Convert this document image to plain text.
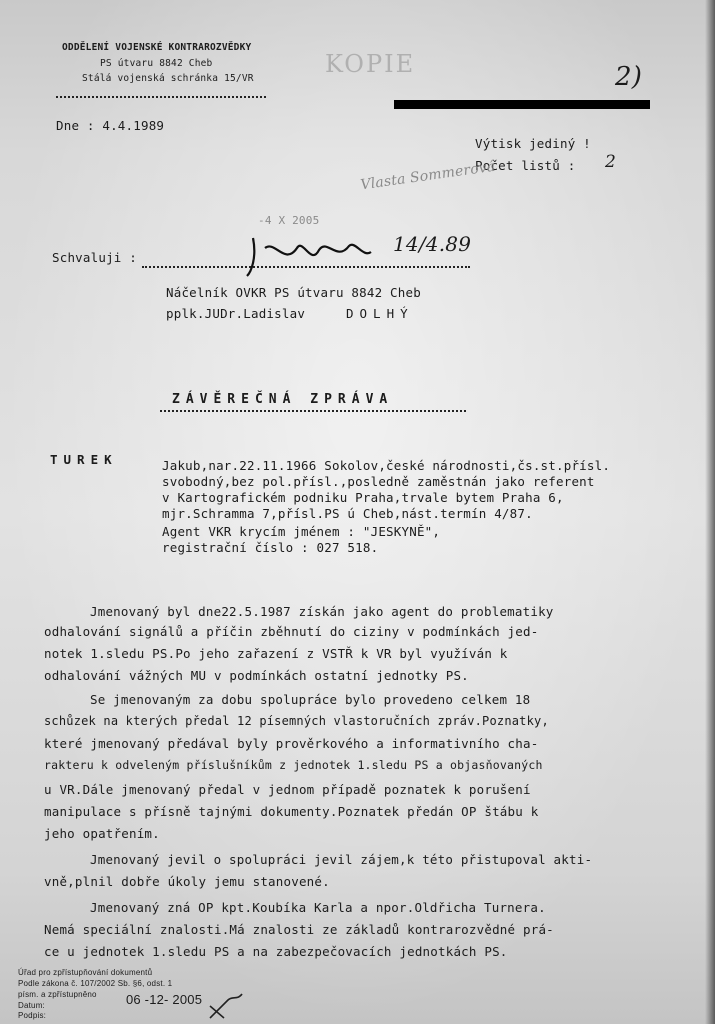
ODDĚLENÍ VOJENSKÉ KONTRAROZVĚDKY
PS útvaru 8842 Cheb
Stálá vojenská schránka 15/VR
Dne : 4.4.1989
KOPIE	2)
Výtisk jediný !
Počet listů : 2
Vlasta Sommerová
-4 X 2005
Schvaluji :
14/4.89
Náčelník OVKR PS útvaru 8842 Cheb
pplk.JUDr.Ladislav	DOLHÝ
ZÁVĚREČNÁ ZPRÁVA
TUREK	Jakub,nar.22.11.1966 Sokolov,české národnosti,čs.st.přísl.
svobodný,bez pol.přísl.,posledně zaměstnán jako referent
v Kartografickém podniku Praha,trvale bytem Praha 6,
mjr.Schramma 7,přísl.PS ú Cheb,nást.termín 4/87.
Agent VKR krycím jménem : "JESKYNĚ",
registrační číslo : 027 518.
Jmenovaný byl dne22.5.1987 získán jako agent do problematiky
odhalování signálů a příčin zběhnutí do ciziny v podmínkách jed-
notek 1.sledu PS.Po jeho zařazení z VSTŘ k VR byl využíván k
odhalování vážných MU v podmínkách ostatní jednotky PS.
Se jmenovaným za dobu spolupráce bylo provedeno celkem 18
schůzek na kterých předal 12 písemných vlastoručních zpráv.Poznatky,
které jmenovaný předával byly prověrkového a informativního cha-
rakteru k odveleným příslušníkům z jednotek 1.sledu PS a objasňovaných
u VR.Dále jmenovaný předal v jednom případě poznatek k porušení
manipulace s přísně tajnými dokumenty.Poznatek předán OP štábu k
jeho opatřením.
Jmenovaný jevil o spolupráci jevil zájem,k této přistupoval akti-
vně,plnil dobře úkoly jemu stanovené.
Jmenovaný zná OP kpt.Koubíka Karla a npor.Oldřicha Turnera.
Nemá speciální znalosti.Má znalosti ze základů kontrarozvědné prá-
ce u jednotek 1.sledu PS a na zabezpečovacích jednotkách PS.
Úřad pro zpřístupňování dokumentů
Podle zákona č. 107/2002 Sb. §6, odst. 1
písm. a zpřístupněno
Datum:
Podpis:
06 -12- 2005
